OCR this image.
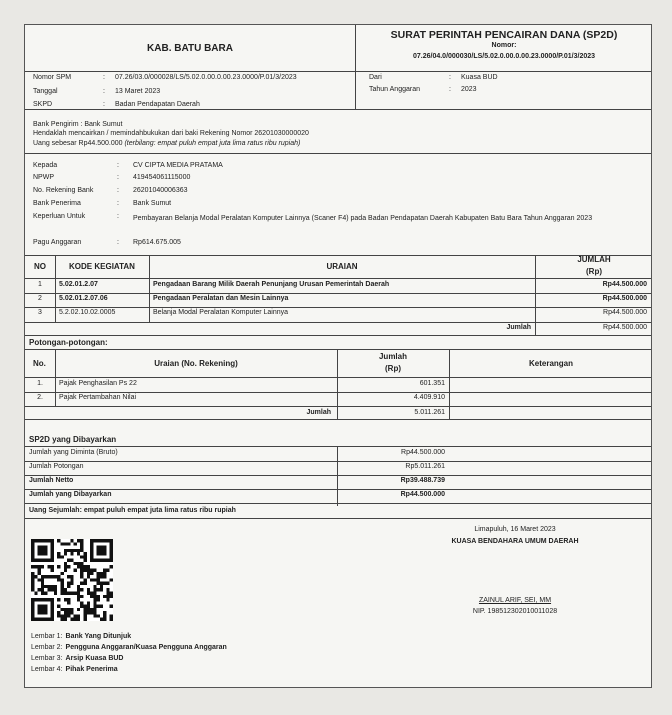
KAB. BATU BARA
SURAT PERINTAH PENCAIRAN DANA (SP2D)
Nomor:
07.26/04.0/000030/LS/5.02.0.00.0.00.23.0000/P.01/3/2023
Nomor SPM	: 07.26/03.0/000028/LS/5.02.0.00.0.00.23.0000/P.01/3/2023
Tanggal	: 13 Maret 2023
SKPD	: Badan Pendapatan Daerah
Dari	: Kuasa BUD
Tahun Anggaran	: 2023
Bank Pengirim : Bank Sumut
Hendaklah mencairkan / memindahbukukan dari baki Rekening Nomor 26201030000020
Uang sebesar Rp44.500.000 (terbilang: empat puluh empat juta lima ratus ribu rupiah)
Kepada	: CV CIPTA MEDIA PRATAMA
NPWP	: 419454061115000
No. Rekening Bank	: 26201040006363
Bank Penerima	: Bank Sumut
Keperluan Untuk	: Pembayaran Belanja Modal Peralatan Komputer Lainnya (Scaner F4) pada Badan Pendapatan Daerah Kabupaten Batu Bara Tahun Anggaran 2023
Pagu Anggaran	: Rp614.675.005
NO	KODE KEGIATAN	URAIAN
JUMLAH
(Rp)
1	5.02.01.2.07	Pengadaan Barang Milik Daerah Penunjang Urusan Pemerintah Daerah	Rp44.500.000
2	5.02.01.2.07.06	Pengadaan Peralatan dan Mesin Lainnya	Rp44.500.000
3	5.2.02.10.02.0005	Belanja Modal Peralatan Komputer Lainnya	Rp44.500.000
Jumlah	Rp44.500.000
Potongan-potongan:
No.	Uraian (No. Rekening)
Jumlah
(Rp)
Keterangan
1.	Pajak Penghasilan Ps 22	601.351
2.	Pajak Pertambahan Nilai	4.409.910
Jumlah	5.011.261
SP2D yang Dibayarkan
Jumlah yang Diminta (Bruto)	Rp44.500.000
Jumlah Potongan	Rp5.011.261
Jumlah Netto	Rp39.488.739
Jumlah yang Dibayarkan	Rp44.500.000
Uang Sejumlah: empat puluh empat juta lima ratus ribu rupiah
Limapuluh, 16 Maret 2023
KUASA BENDAHARA UMUM DAERAH
ZAINUL ARIF, SEI, MM
NIP. 198512302010011028
Lembar 1: Bank Yang Ditunjuk
Lembar 2: Pengguna Anggaran/Kuasa Pengguna Anggaran
Lembar 3: Arsip Kuasa BUD
Lembar 4: Pihak Penerima
